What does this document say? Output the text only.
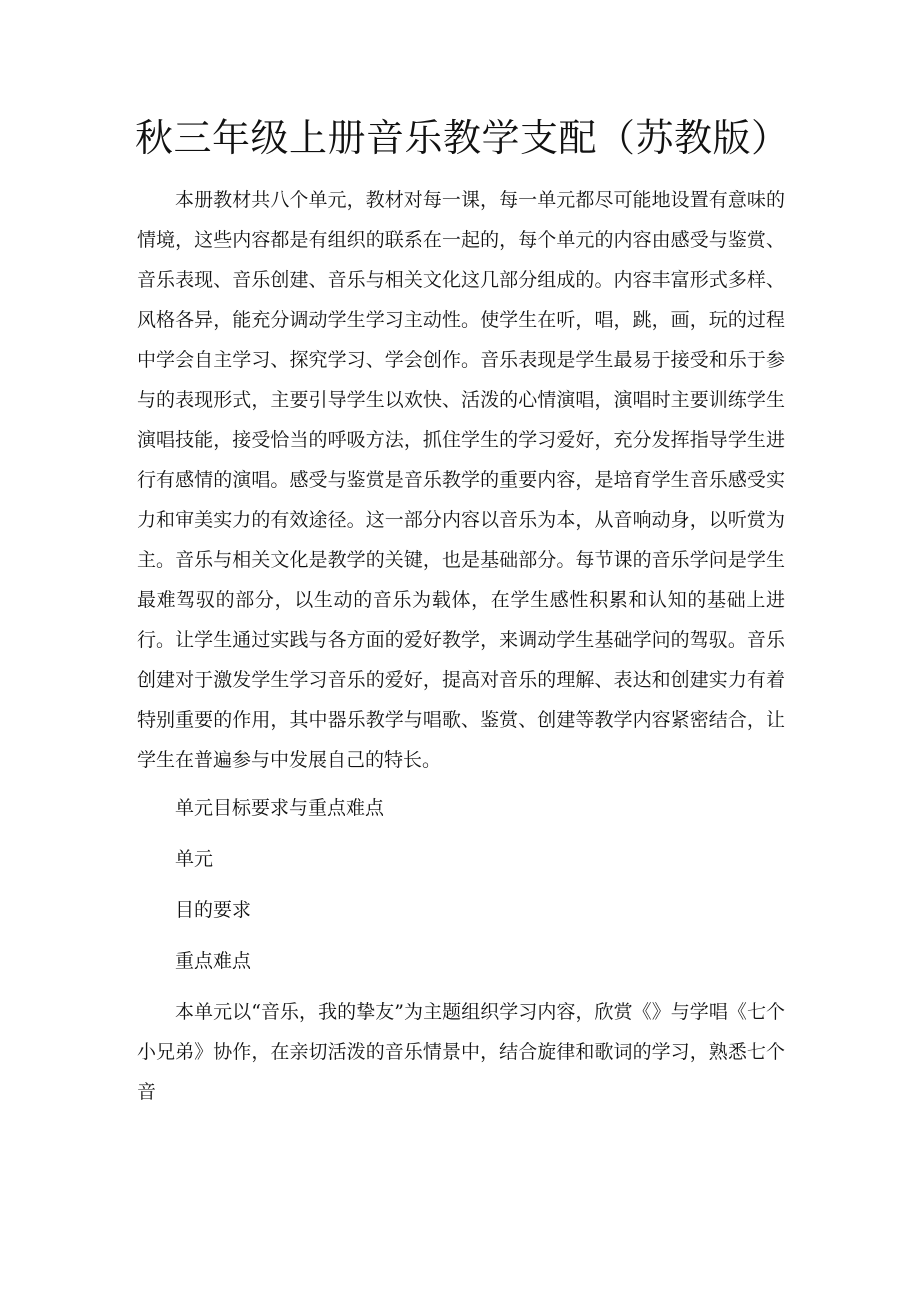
秋三年级上册音乐教学支配（苏教版）

本册教材共八个单元，教材对每一课，每一单元都尽可能地设置有意味的情境，这些内容都是有组织的联系在一起的，每个单元的内容由感受与鉴赏、音乐表现、音乐创建、音乐与相关文化这几部分组成的。内容丰富形式多样、风格各异，能充分调动学生学习主动性。使学生在听，唱，跳，画，玩的过程中学会自主学习、探究学习、学会创作。音乐表现是学生最易于接受和乐于参与的表现形式，主要引导学生以欢快、活泼的心情演唱，演唱时主要训练学生演唱技能，接受恰当的呼吸方法，抓住学生的学习爱好，充分发挥指导学生进行有感情的演唱。感受与鉴赏是音乐教学的重要内容，是培育学生音乐感受实力和审美实力的有效途径。这一部分内容以音乐为本，从音响动身，以听赏为主。音乐与相关文化是教学的关键，也是基础部分。每节课的音乐学问是学生最难驾驭的部分，以生动的音乐为载体，在学生感性积累和认知的基础上进行。让学生通过实践与各方面的爱好教学，来调动学生基础学问的驾驭。音乐创建对于激发学生学习音乐的爱好，提高对音乐的理解、表达和创建实力有着特别重要的作用，其中器乐教学与唱歌、鉴赏、创建等教学内容紧密结合，让学生在普遍参与中发展自己的特长。

单元目标要求与重点难点

单元

目的要求

重点难点

本单元以“音乐，我的挚友”为主题组织学习内容，欣赏《》与学唱《七个小兄弟》协作，在亲切活泼的音乐情景中，结合旋律和歌词的学习，熟悉七个音
